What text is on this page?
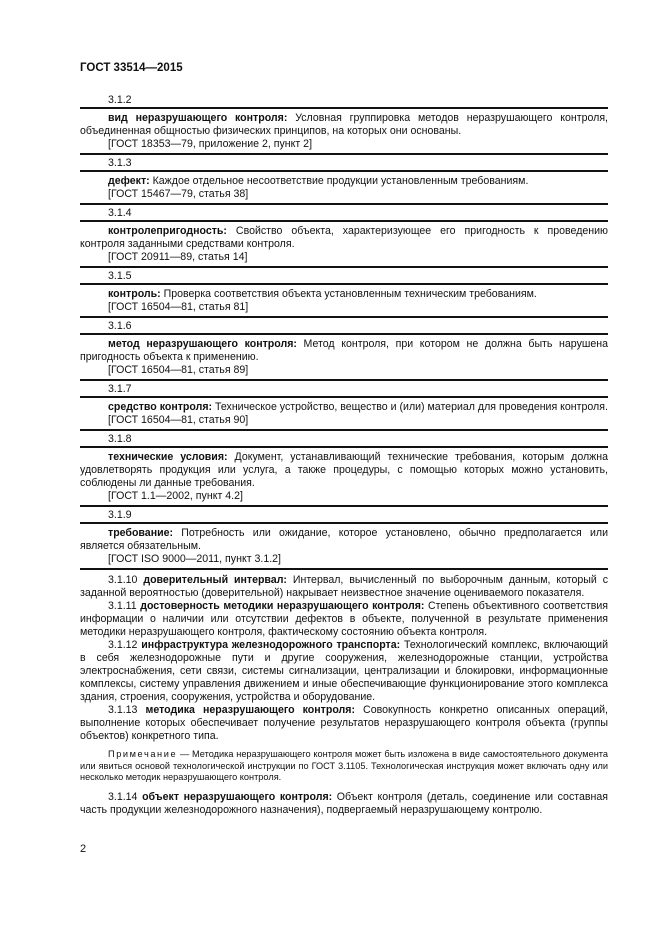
ГОСТ 33514—2015
3.1.2
вид неразрушающего контроля: Условная группировка методов неразрушающего контроля, объединенная общностью физических принципов, на которых они основаны.
[ГОСТ 18353—79, приложение 2, пункт 2]
3.1.3
дефект: Каждое отдельное несоответствие продукции установленным требованиям.
[ГОСТ 15467—79, статья 38]
3.1.4
контролепригодность: Свойство объекта, характеризующее его пригодность к проведению контроля заданными средствами контроля.
[ГОСТ 20911—89, статья 14]
3.1.5
контроль: Проверка соответствия объекта установленным техническим требованиям.
[ГОСТ 16504—81, статья 81]
3.1.6
метод неразрушающего контроля: Метод контроля, при котором не должна быть нарушена пригодность объекта к применению.
[ГОСТ 16504—81, статья 89]
3.1.7
средство контроля: Техническое устройство, вещество и (или) материал для проведения контроля.
[ГОСТ 16504—81, статья 90]
3.1.8
технические условия: Документ, устанавливающий технические требования, которым должна удовлетворять продукция или услуга, а также процедуры, с помощью которых можно установить, соблюдены ли данные требования.
[ГОСТ 1.1—2002, пункт 4.2]
3.1.9
требование: Потребность или ожидание, которое установлено, обычно предполагается или является обязательным.
[ГОСТ ISO 9000—2011, пункт 3.1.2]
3.1.10 доверительный интервал: Интервал, вычисленный по выборочным данным, который с заданной вероятностью (доверительной) накрывает неизвестное значение оцениваемого показателя.
3.1.11 достоверность методики неразрушающего контроля: Степень объективного соответствия информации о наличии или отсутствии дефектов в объекте, полученной в результате применения методики неразрушающего контроля, фактическому состоянию объекта контроля.
3.1.12 инфраструктура железнодорожного транспорта: Технологический комплекс, включающий в себя железнодорожные пути и другие сооружения, железнодорожные станции, устройства электроснабжения, сети связи, системы сигнализации, централизации и блокировки, информационные комплексы, систему управления движением и иные обеспечивающие функционирование этого комплекса здания, строения, сооружения, устройства и оборудование.
3.1.13 методика неразрушающего контроля: Совокупность конкретно описанных операций, выполнение которых обеспечивает получение результатов неразрушающего контроля объекта (группы объектов) конкретного типа.
Примечание — Методика неразрушающего контроля может быть изложена в виде самостоятельного документа или явиться основой технологической инструкции по ГОСТ 3.1105. Технологическая инструкция может включать одну или несколько методик неразрушающего контроля.
3.1.14 объект неразрушающего контроля: Объект контроля (деталь, соединение или составная часть продукции железнодорожного назначения), подвергаемый неразрушающему контролю.
2
